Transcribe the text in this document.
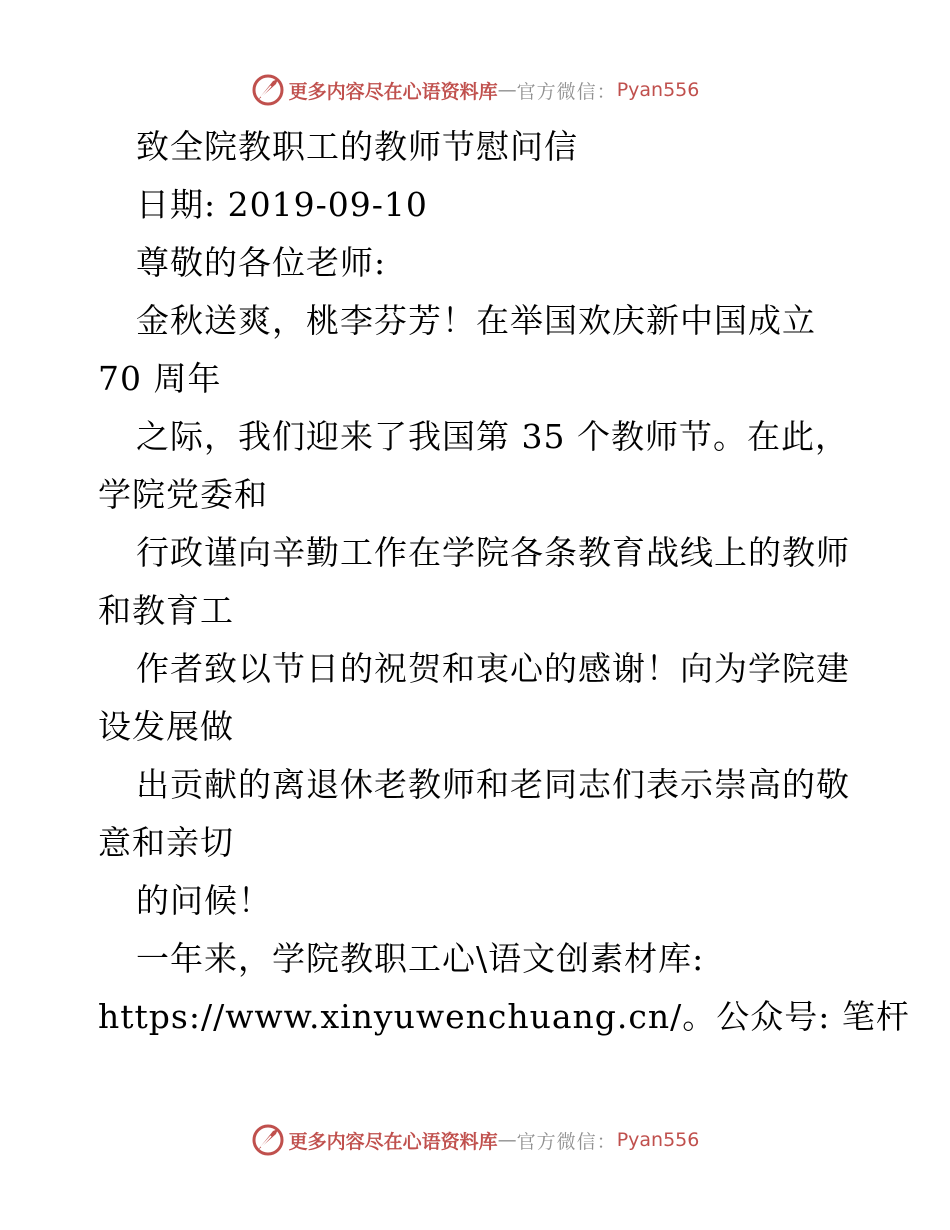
更多内容尽在心语资料库 — 官方微信： Pyan556
致全院教职工的教师节慰问信
日期: 2019-09-10
尊敬的各位老师:
金秋送爽，桃李芬芳！在举国欢庆新中国成立
70 周年
之际，我们迎来了我国第 35 个教师节。在此，
学院党委和
行政谨向辛勤工作在学院各条教育战线上的教师
和教育工
作者致以节日的祝贺和衷心的感谢！向为学院建
设发展做
出贡献的离退休老教师和老同志们表示崇高的敬
意和亲切
的问候！
一年来，学院教职工心\语文创素材库:
https://www.xinyuwenchuang.cn/。公众号: 笔杆
更多内容尽在心语资料库 — 官方微信： Pyan556
